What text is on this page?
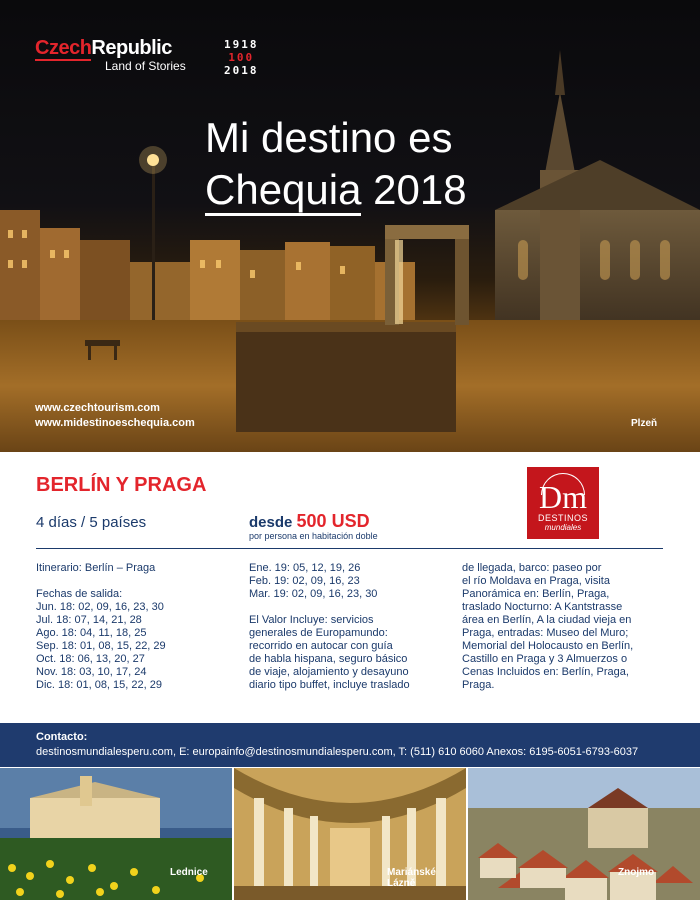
CzechRepublic
Land of Stories
1918
100
2018
Mi destino es
Chequia 2018
www.czechtourism.com
www.midestinoeschequia.com	Plzeň
BERLÍN Y PRAGA
4 días / 5 países	desde 500 USD
por persona en habitación doble
Dm
DESTINOS
mundiales

Itinerario: Berlín – Praga

Fechas de salida:

Jun. 18: 02, 09, 16, 23, 30

Jul. 18: 07, 14, 21, 28

Ago. 18: 04, 11, 18, 25

Sep. 18: 01, 08, 15, 22, 29

Oct. 18: 06, 13, 20, 27

Nov. 18: 03, 10, 17, 24

Dic. 18: 01, 08, 15, 22, 29

Ene. 19: 05, 12, 19, 26

Feb. 19: 02, 09, 16, 23

Mar. 19: 02, 09, 16, 23, 30

El Valor Incluye: servicios

generales de Europamundo:

recorrido en autocar con guía

de habla hispana, seguro básico

de viaje, alojamiento y desayuno

diario tipo buffet, incluye traslado

de llegada, barco: paseo por

el río Moldava en Praga, visita

Panorámica en: Berlín, Praga,

traslado Nocturno: A Kantstrasse

área en Berlín, A la ciudad vieja en

Praga, entradas: Museo del Muro;

Memorial del Holocausto en Berlín,

Castillo en Praga y 3 Almuerzos o

Cenas Incluidos en: Berlín, Praga,

Praga.

Contacto:
destinosmundialesperu.com, E: europainfo@destinosmundialesperu.com, T: (511) 610 6060 Anexos: 6195-6051-6793-6037
Lednice	Mariánské Lázně
Znojmo
